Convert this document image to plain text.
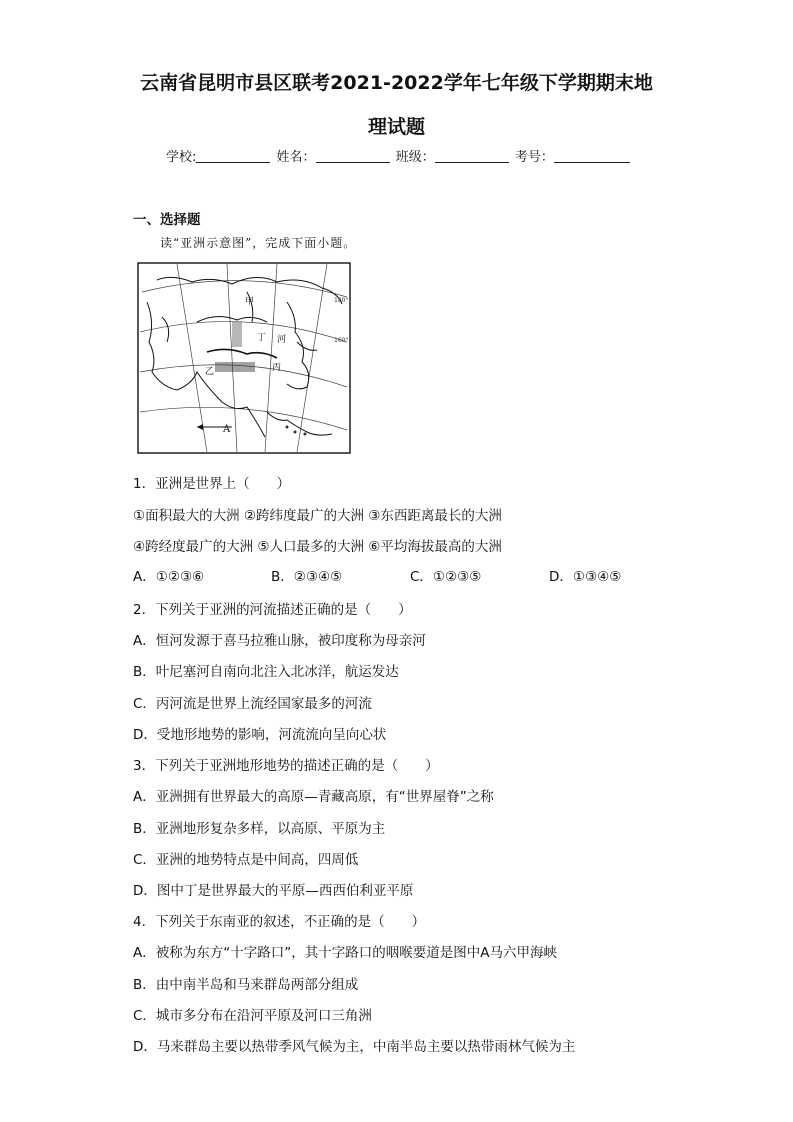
云南省昆明市县区联考2021-2022学年七年级下学期期末地
理试题
学校:	姓名：	班级：	考号：
一、选择题
读“亚洲示意图”，完成下面小题。
甲
乙	丙
丁 河
A
180°
160°
1．亚洲是世界上（　　）
①面积最大的大洲 ②跨纬度最广的大洲 ③东西距离最长的大洲
④跨经度最广的大洲 ⑤人口最多的大洲 ⑥平均海拔最高的大洲
A．①②③⑥	B．②③④⑤	C．①②③⑤	D．①③④⑤
2．下列关于亚洲的河流描述正确的是（　　）
A．恒河发源于喜马拉雅山脉，被印度称为母亲河
B．叶尼塞河自南向北注入北冰洋，航运发达
C．丙河流是世界上流经国家最多的河流
D．受地形地势的影响，河流流向呈向心状
3．下列关于亚洲地形地势的描述正确的是（　　）
A．亚洲拥有世界最大的高原—青藏高原，有“世界屋脊”之称
B．亚洲地形复杂多样，以高原、平原为主
C．亚洲的地势特点是中间高，四周低
D．图中丁是世界最大的平原—西西伯利亚平原
4．下列关于东南亚的叙述，不正确的是（　　）
A．被称为东方“十字路口”，其十字路口的咽喉要道是图中A马六甲海峡
B．由中南半岛和马来群岛两部分组成
C．城市多分布在沿河平原及河口三角洲
D．马来群岛主要以热带季风气候为主，中南半岛主要以热带雨林气候为主
